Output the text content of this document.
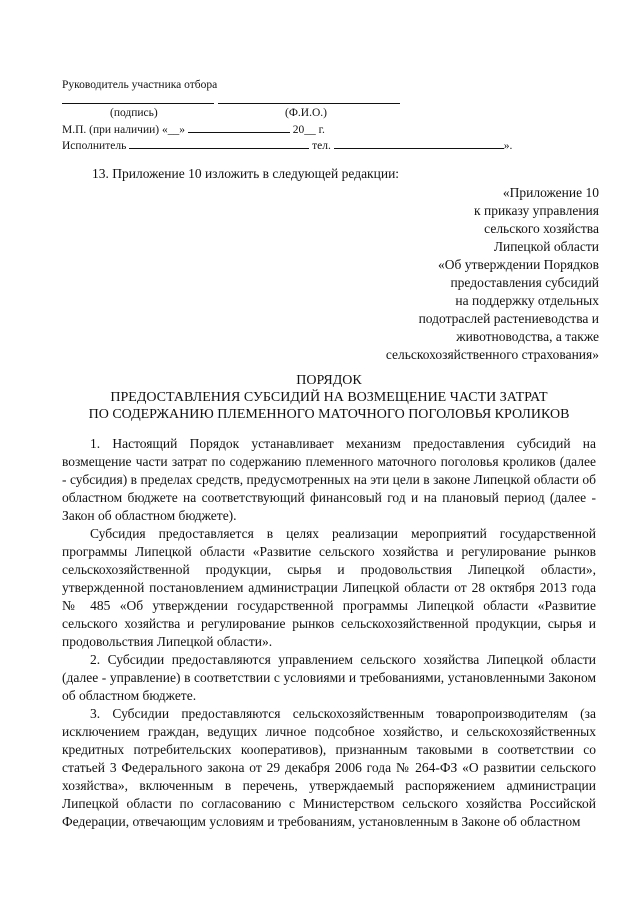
Руководитель участника отбора
(подпись)	(Ф.И.О.)
М.П. (при наличии) «__»	20__ г.
Исполнитель	тел.	».
13. Приложение 10 изложить в следующей редакции:
«Приложение 10
к приказу управления
сельского хозяйства
Липецкой области
«Об утверждении Порядков
предоставления субсидий
на поддержку отдельных
подотраслей растениеводства и
животноводства, а также
сельскохозяйственного страхования»
ПОРЯДОК
ПРЕДОСТАВЛЕНИЯ СУБСИДИЙ НА ВОЗМЕЩЕНИЕ ЧАСТИ ЗАТРАТ
ПО СОДЕРЖАНИЮ ПЛЕМЕННОГО МАТОЧНОГО ПОГОЛОВЬЯ КРОЛИКОВ
1. Настоящий Порядок устанавливает механизм предоставления субсидий на возмещение части затрат по содержанию племенного маточного поголовья кроликов (далее - субсидия) в пределах средств, предусмотренных на эти цели в законе Липецкой области об областном бюджете на соответствующий финансовый год и на плановый период (далее - Закон об областном бюджете).
Субсидия предоставляется в целях реализации мероприятий государственной программы Липецкой области «Развитие сельского хозяйства и регулирование рынков сельскохозяйственной продукции, сырья и продовольствия Липецкой области», утвержденной постановлением администрации Липецкой области от 28 октября 2013 года № 485 «Об утверждении государственной программы Липецкой области «Развитие сельского хозяйства и регулирование рынков сельскохозяйственной продукции, сырья и продовольствия Липецкой области».
2. Субсидии предоставляются управлением сельского хозяйства Липецкой области (далее - управление) в соответствии с условиями и требованиями, установленными Законом об областном бюджете.
3. Субсидии предоставляются сельскохозяйственным товаропроизводителям (за исключением граждан, ведущих личное подсобное хозяйство, и сельскохозяйственных кредитных потребительских кооперативов), признанным таковыми в соответствии со статьей 3 Федерального закона от 29 декабря 2006 года № 264-ФЗ «О развитии сельского хозяйства», включенным в перечень, утверждаемый распоряжением администрации Липецкой области по согласованию с Министерством сельского хозяйства Российской Федерации, отвечающим условиям и требованиям, установленным в Законе об областном
